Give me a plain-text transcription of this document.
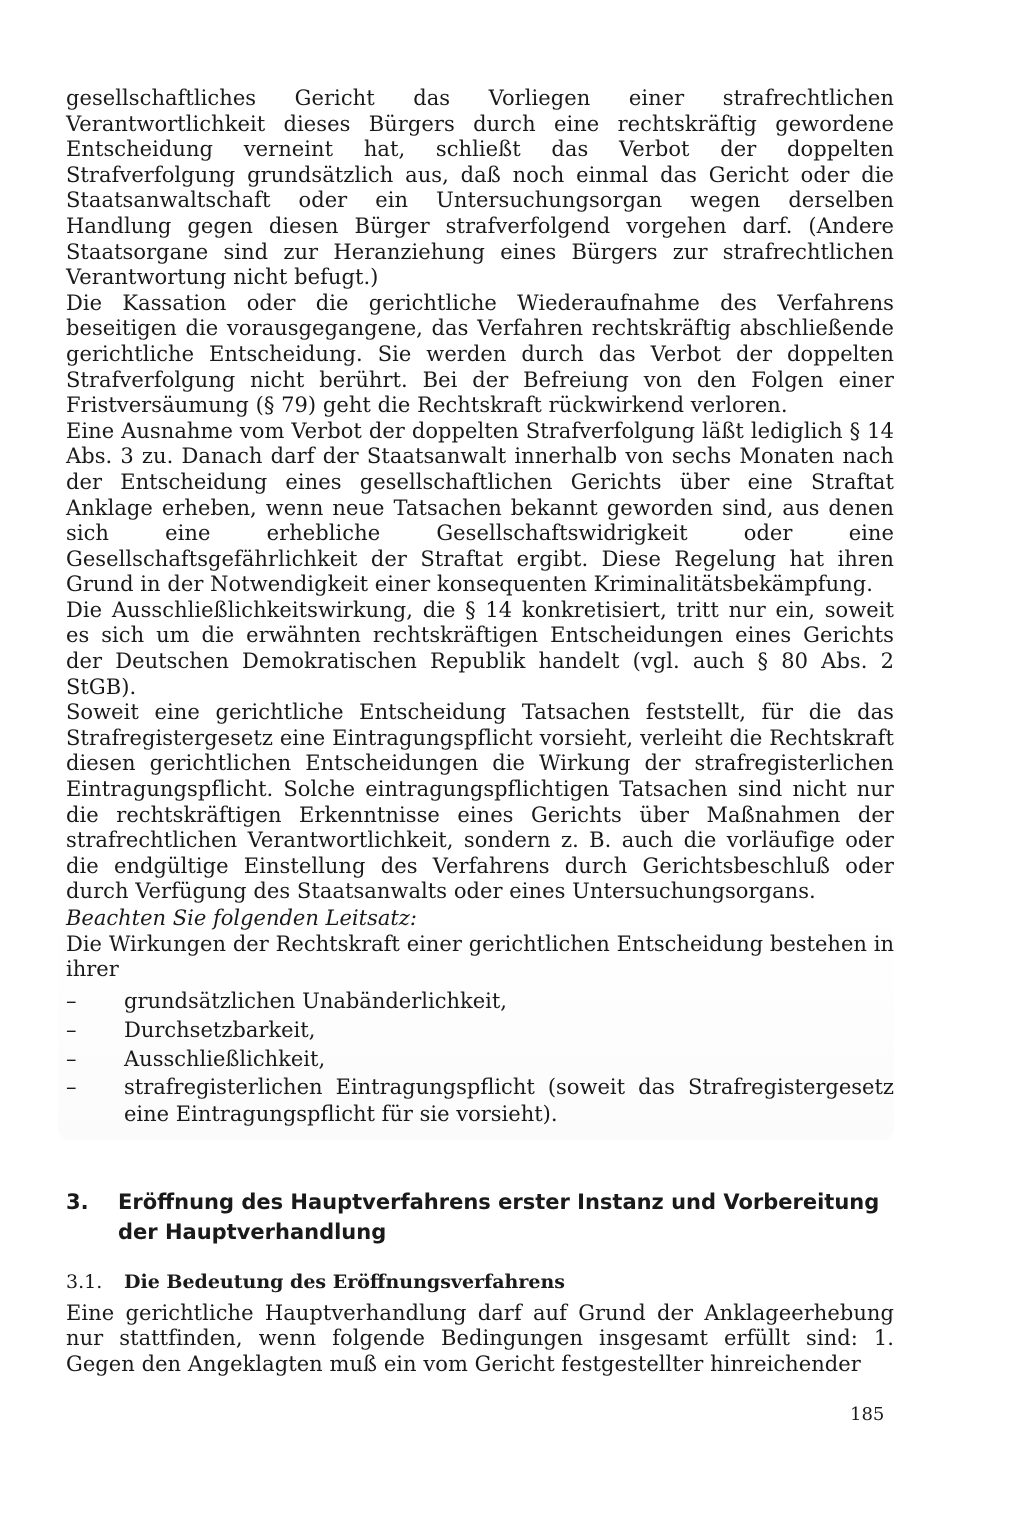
gesellschaftliches Gericht das Vorliegen einer strafrechtlichen Verantwortlichkeit dieses Bürgers durch eine rechtskräftig gewordene Entscheidung verneint hat, schließt das Verbot der doppelten Strafverfolgung grundsätzlich aus, daß noch einmal das Gericht oder die Staatsanwaltschaft oder ein Untersuchungsorgan wegen derselben Handlung gegen diesen Bürger strafverfolgend vorgehen darf. (Andere Staatsorgane sind zur Heranziehung eines Bürgers zur strafrechtlichen Verantwortung nicht befugt.)

Die Kassation oder die gerichtliche Wiederaufnahme des Verfahrens beseitigen die vorausgegangene, das Verfahren rechtskräftig abschließende gerichtliche Entscheidung. Sie werden durch das Verbot der doppelten Strafverfolgung nicht berührt. Bei der Befreiung von den Folgen einer Fristversäumung (§ 79) geht die Rechtskraft rückwirkend verloren.

Eine Ausnahme vom Verbot der doppelten Strafverfolgung läßt lediglich § 14 Abs. 3 zu. Danach darf der Staatsanwalt innerhalb von sechs Monaten nach der Entscheidung eines gesellschaftlichen Gerichts über eine Straftat Anklage erheben, wenn neue Tatsachen bekannt geworden sind, aus denen sich eine erhebliche Gesellschaftswidrigkeit oder eine Gesellschaftsgefährlichkeit der Straftat ergibt. Diese Regelung hat ihren Grund in der Notwendigkeit einer konsequenten Kriminalitätsbekämpfung.

Die Ausschließlichkeitswirkung, die § 14 konkretisiert, tritt nur ein, soweit es sich um die erwähnten rechtskräftigen Entscheidungen eines Gerichts der Deutschen Demokratischen Republik handelt (vgl. auch § 80 Abs. 2 StGB).

Soweit eine gerichtliche Entscheidung Tatsachen feststellt, für die das Strafregistergesetz eine Eintragungspflicht vorsieht, verleiht die Rechtskraft diesen gerichtlichen Entscheidungen die Wirkung der strafregisterlichen Eintragungspflicht. Solche eintragungspflichtigen Tatsachen sind nicht nur die rechtskräftigen Erkenntnisse eines Gerichts über Maßnahmen der strafrechtlichen Verantwortlichkeit, sondern z. B. auch die vorläufige oder die endgültige Einstellung des Verfahrens durch Gerichtsbeschluß oder durch Verfügung des Staatsanwalts oder eines Untersuchungsorgans.

Beachten Sie folgenden Leitsatz:

Die Wirkungen der Rechtskraft einer gerichtlichen Entscheidung bestehen in ihrer

– grundsätzlichen Unabänderlichkeit,
– Durchsetzbarkeit,
– Ausschließlichkeit,
– strafregisterlichen Eintragungspflicht (soweit das Strafregistergesetz eine Eintragungspflicht für sie vorsieht).
3.	Eröffnung des Hauptverfahrens erster Instanz und Vorbereitung der Hauptverhandlung
3.1.	Die Bedeutung des Eröffnungsverfahrens

Eine gerichtliche Hauptverhandlung darf auf Grund der Anklageerhebung nur stattfinden, wenn folgende Bedingungen insgesamt erfüllt sind: 1. Gegen den Angeklagten muß ein vom Gericht festgestellter hinreichender

185
